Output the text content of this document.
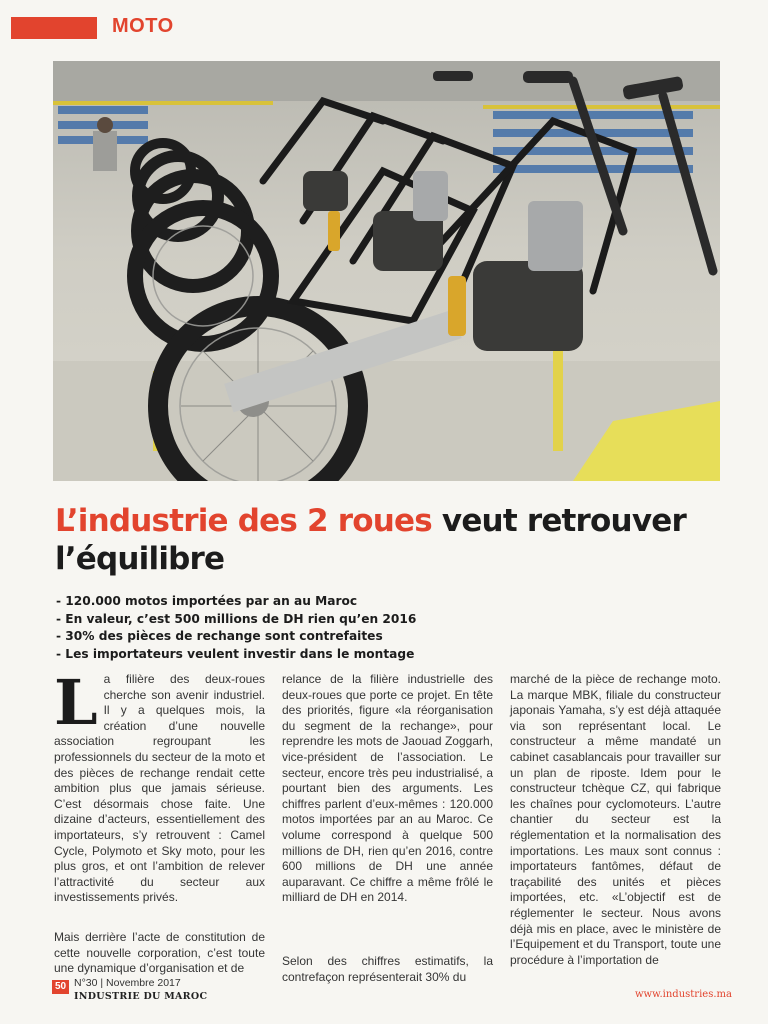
MOTO
L’industrie des 2 roues veut retrouver l’équilibre
- 120.000 motos importées par an au Maroc
- En valeur, c’est 500 millions de DH rien qu’en 2016
- 30% des pièces de rechange sont contrefaites
- Les importateurs veulent investir dans le montage

La filière des deux-roues cherche son avenir industriel. Il y a quelques mois, la création d’une nouvelle association regroupant les professionnels du secteur de la moto et des pièces de rechange rendait cette ambition plus que jamais sérieuse. C’est désormais chose faite. Une dizaine d’acteurs, essentiellement des importateurs, s’y retrouvent : Camel Cycle, Polymoto et Sky moto, pour les plus gros, et ont l’ambition de relever l’attractivité du secteur aux investissements privés.

Mais derrière l’acte de constitution de cette nouvelle corporation, c’est toute une dynamique d’organisation et de

relance de la filière industrielle des deux-roues que porte ce projet. En tête des priorités, figure «la réorganisation du segment de la rechange», pour reprendre les mots de Jaouad Zoggarh, vice-président de l’association. Le secteur, encore très peu industrialisé, a pourtant bien des arguments. Les chiffres parlent d’eux-mêmes : 120.000 motos importées par an au Maroc. Ce volume correspond à quelque 500 millions de DH, rien qu’en 2016, contre 600 millions de DH une année auparavant. Ce chiffre a même frôlé le milliard de DH en 2014.

Selon des chiffres estimatifs, la contrefaçon représenterait 30% du

marché de la pièce de rechange moto. La marque MBK, filiale du constructeur japonais Yamaha, s’y est déjà attaquée via son représentant local. Le constructeur a même mandaté un cabinet casablancais pour travailler sur un plan de riposte. Idem pour le constructeur tchèque CZ, qui fabrique les chaînes pour cyclomoteurs. L’autre chantier du secteur est la réglementation et la normalisation des importations. Les maux sont connus : importateurs fantômes, défaut de traçabilité des unités et pièces importées, etc. «L’objectif est de réglementer le secteur. Nous avons déjà mis en place, avec le ministère de l’Equipement et du Transport, toute une procédure à l’importation de

50 N°30 | Novembre 2017
INDUSTRIE DU MAROC	www.industries.ma
